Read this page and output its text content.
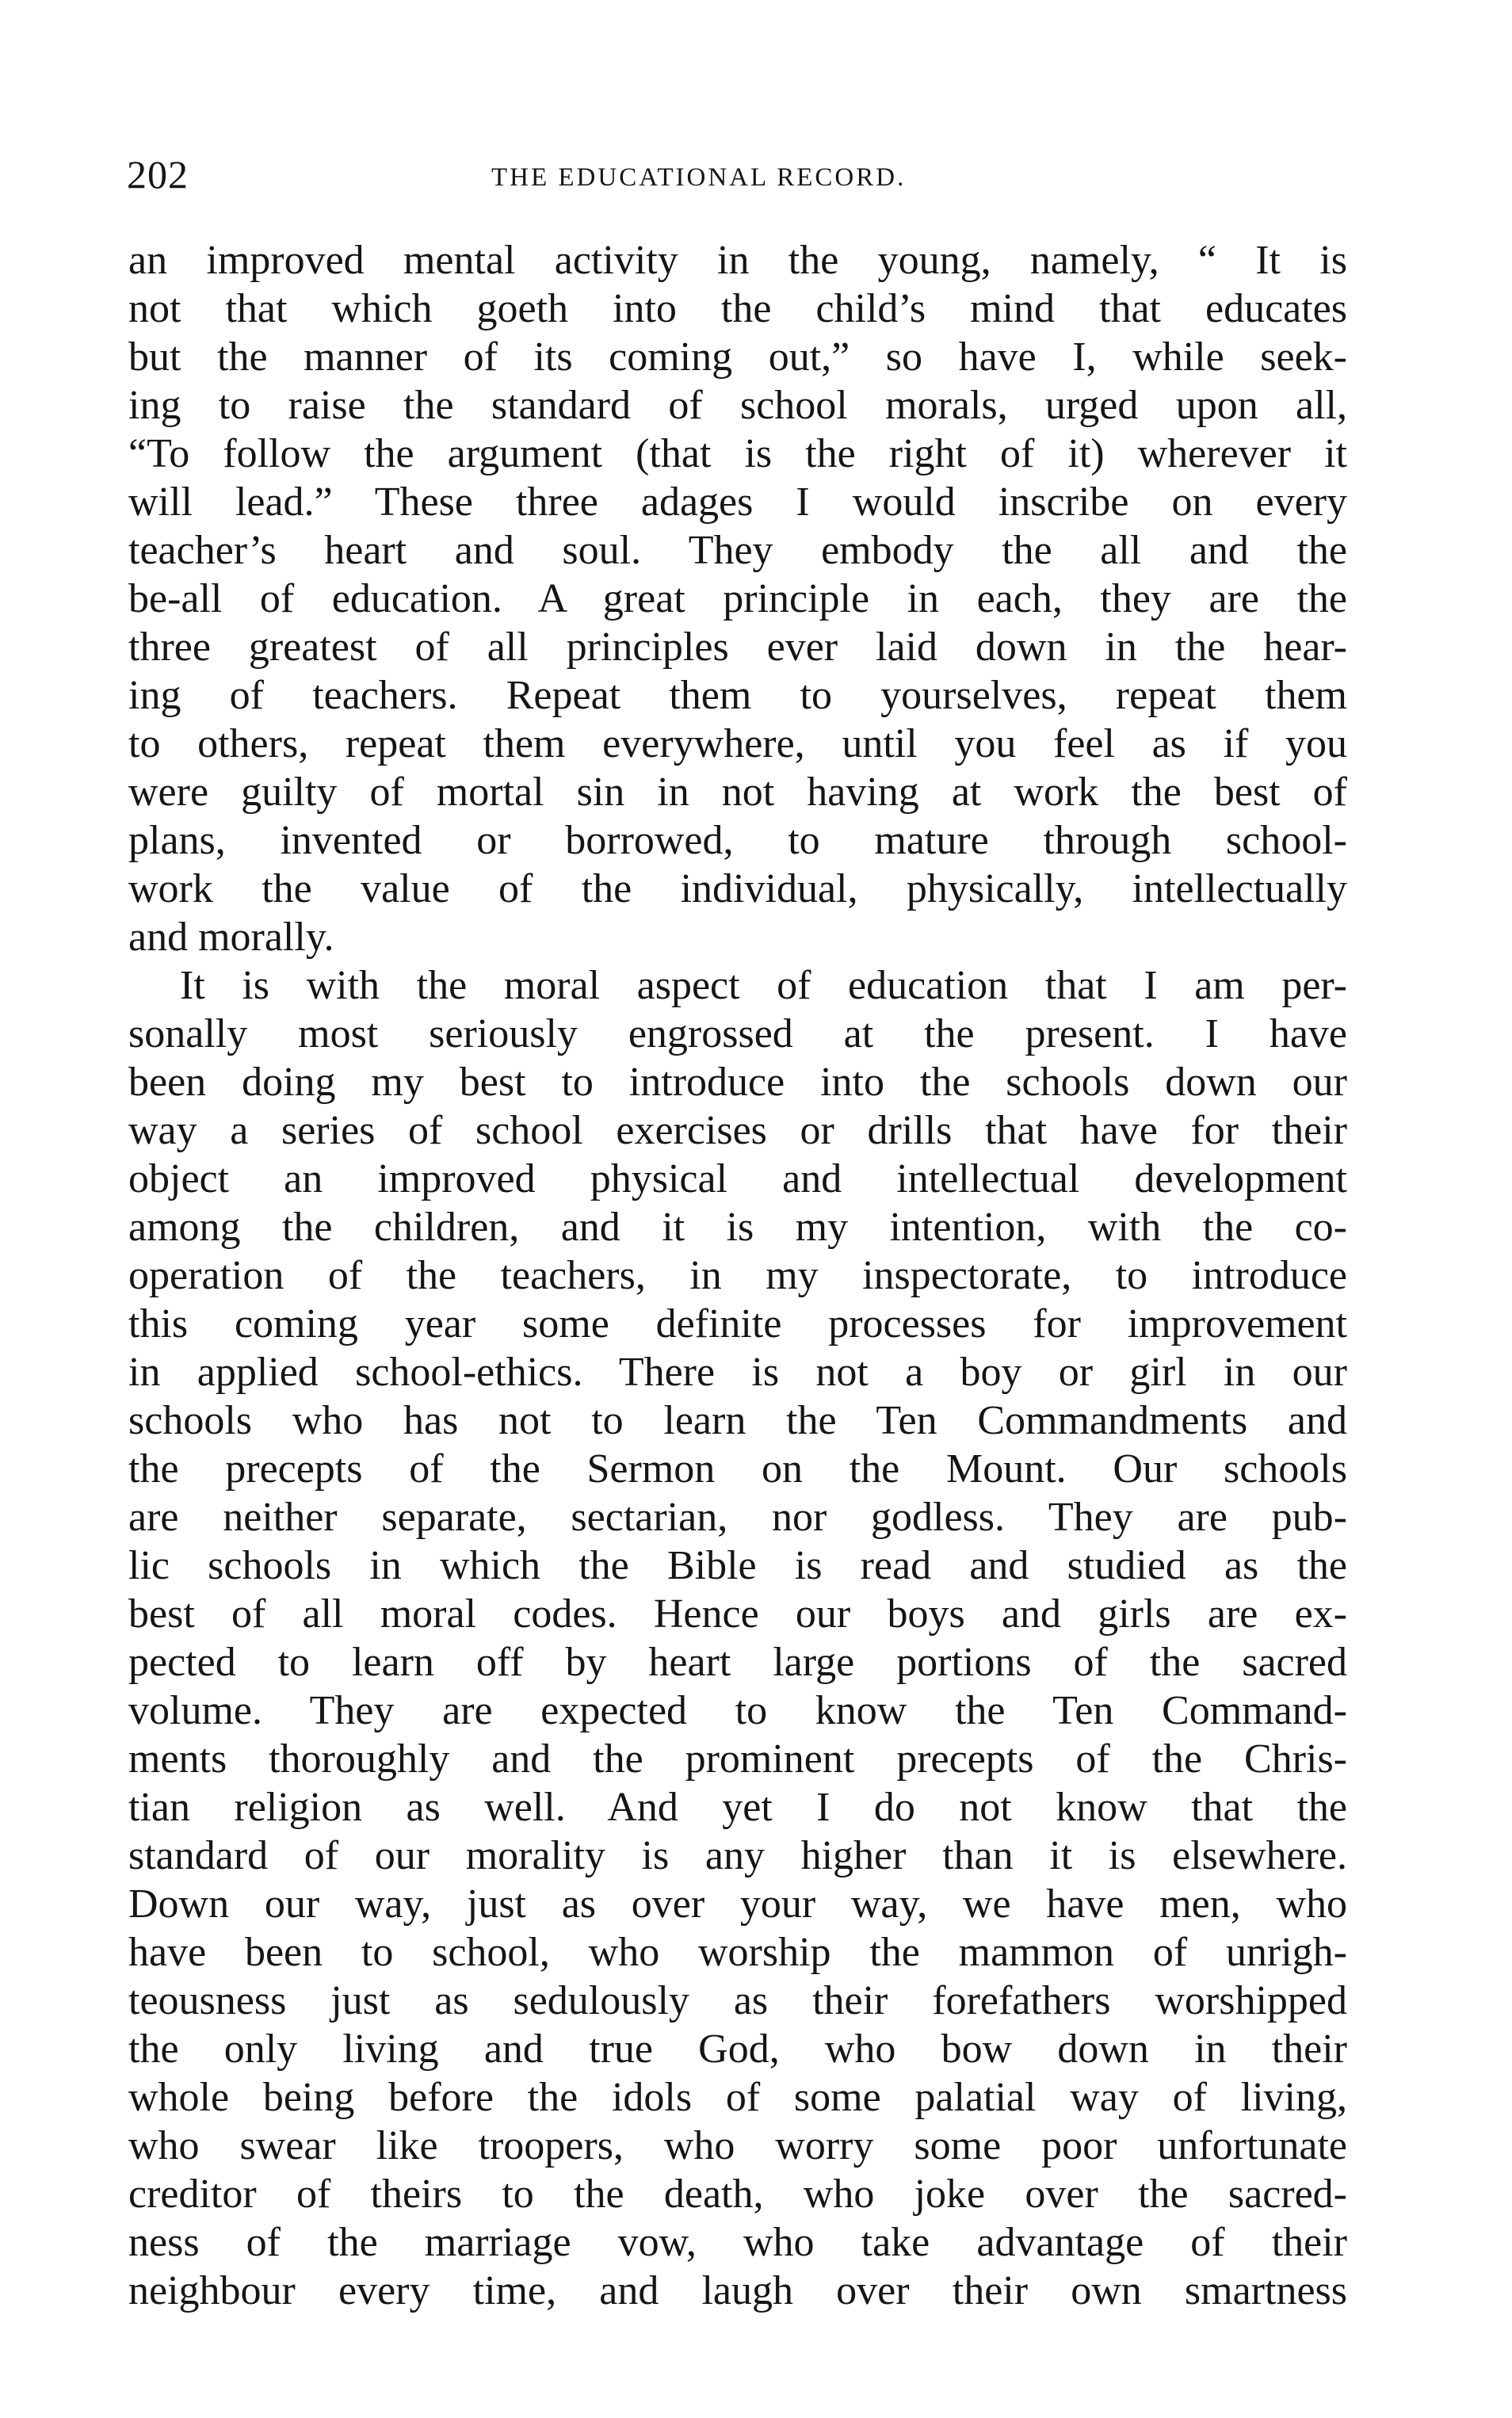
202	THE EDUCATIONAL RECORD.
an improved mental activity in the young, namely, “ It is
not that which goeth into the child’s mind that educates
but the manner of its coming out,” so have I, while seek-
ing to raise the standard of school morals, urged upon all,
“To follow the argument (that is the right of it) wherever it
will lead.” These three adages I would inscribe on every
teacher’s heart and soul. They embody the all and the
be-all of education. A great principle in each, they are the
three greatest of all principles ever laid down in the hear-
ing of teachers. Repeat them to yourselves, repeat them
to others, repeat them everywhere, until you feel as if you
were guilty of mortal sin in not having at work the best of
plans, invented or borrowed, to mature through school-
work the value of the individual, physically, intellectually
and morally.
It is with the moral aspect of education that I am per-
sonally most seriously engrossed at the present. I have
been doing my best to introduce into the schools down our
way a series of school exercises or drills that have for their
object an improved physical and intellectual development
among the children, and it is my intention, with the co-
operation of the teachers, in my inspectorate, to introduce
this coming year some definite processes for improvement
in applied school-ethics. There is not a boy or girl in our
schools who has not to learn the Ten Commandments and
the precepts of the Sermon on the Mount. Our schools
are neither separate, sectarian, nor godless. They are pub-
lic schools in which the Bible is read and studied as the
best of all moral codes. Hence our boys and girls are ex-
pected to learn off by heart large portions of the sacred
volume. They are expected to know the Ten Command-
ments thoroughly and the prominent precepts of the Chris-
tian religion as well. And yet I do not know that the
standard of our morality is any higher than it is elsewhere.
Down our way, just as over your way, we have men, who
have been to school, who worship the mammon of unrigh-
teousness just as sedulously as their forefathers worshipped
the only living and true God, who bow down in their
whole being before the idols of some palatial way of living,
who swear like troopers, who worry some poor unfortunate
creditor of theirs to the death, who joke over the sacred-
ness of the marriage vow, who take advantage of their
neighbour every time, and laugh over their own smartness
